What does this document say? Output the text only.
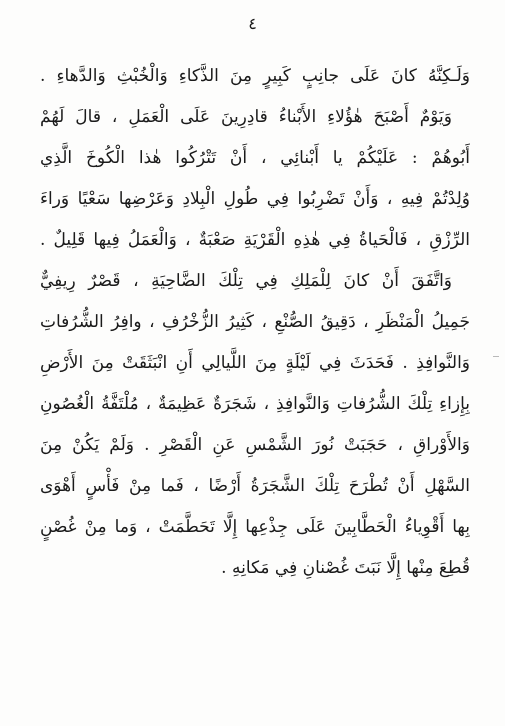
٤
وَلَـكِنَّهُ كانَ عَلَى جانِبٍ كَبِيرٍ مِنَ الذَّكاءِ وَالْخُبْثِ وَالدَّهاءِ .
وَيَوْمٌ أَصْبَحَ هٰؤُلاءِ الأَبْناءُ قادِرِينَ عَلَى الْعَمَلِ ، قالَ لَهُمْ
أَبُوهُمْ : عَلَيْكُمْ يا أَبْنائِي ، أَنْ تَتْرُكُوا هٰذا الْكُوخَ الَّذِي
وُلِدْتُمْ فِيهِ ، وَأَنْ تَضْرِبُوا فِي طُولِ الْبِلادِ وَعَرْضِها سَعْيًا وَراءَ
الرِّزْقِ ، فَالْحَياةُ فِي هٰذِهِ الْقَرْيَةِ صَعْبَةٌ ، وَالْعَمَلُ فِيها قَلِيلٌ .
وَاتَّفَقَ أَنْ كانَ لِلْمَلِكِ فِي تِلْكَ الضَّاحِيَةِ ، قَصْرٌ رِيفِيٌّ
جَمِيلُ الْمَنْظَرِ ، دَقِيقُ الصُّنْعِ ، كَثِيرُ الزُّخْرُفِ ، وافِرُ الشُّرُفاتِ
وَالنَّوافِذِ . فَحَدَثَ فِي لَيْلَةٍ مِنَ اللَّيالِي أَنِ انْبَثَقَتْ مِنَ الأَرْضِ
بِإِزاءِ تِلْكَ الشُّرُفاتِ وَالنَّوافِذِ ، شَجَرَةٌ عَظِيمَةٌ ، مُلْتَفَّةُ الْغُصُونِ
وَالأَوْراقِ ، حَجَبَتْ نُورَ الشَّمْسِ عَنِ الْقَصْرِ . وَلَمْ يَكُنْ مِنَ
السَّهْلِ أَنْ تُطْرَحَ تِلْكَ الشَّجَرَةُ أَرْضًا ، فَما مِنْ فَأْسٍ أَهْوَى
بِها أَقْوِياءُ الْحَطَّابِينَ عَلَى جِذْعِها إِلَّا تَحَطَّمَتْ ، وَما مِنْ غُصْنٍ
قُطِعَ مِنْها إِلَّا نَبَتَ غُصْنانِ فِي مَكانِهِ .
